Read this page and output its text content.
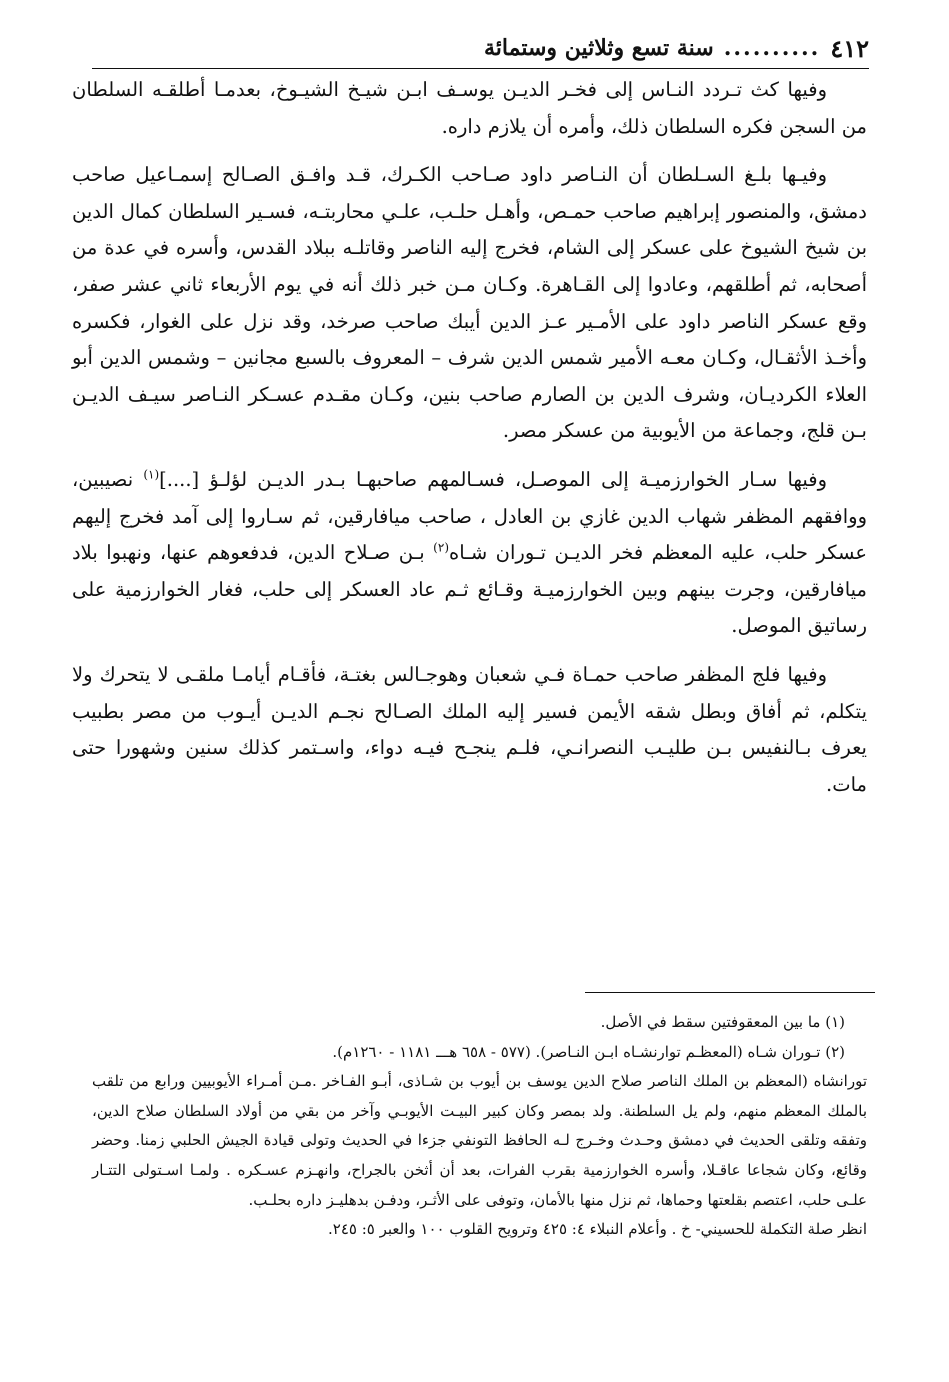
٤١٢
..........
سنة تسع وثلاثين وستمائة

وفيها كث تـردد النـاس إلى فخـر الديـن يوسـف ابـن شيـخ الشيـوخ، بعدمـا أطلقـه السلطان من السجن فكره السلطان ذلك، وأمره أن يلازم داره.

وفيـها بلـغ السـلطان أن النـاصر داود صـاحب الكـرك، قـد وافـق الصـالح إسمـاعيل صاحب دمشق، والمنصور إبراهيم صاحب حمـص، وأهـل حلـب، علـي محاربتـه، فسـير السلطان كمال الدين بن شيخ الشيوخ على عسكر إلى الشام، فخرج إليه الناصر وقاتلـه ببلاد القدس، وأسره في عدة من أصحابه، ثم أطلقهم، وعادوا إلى القـاهرة. وكـان مـن خبر ذلك أنه في يوم الأربعاء ثاني عشر صفر، وقع عسكر الناصر داود على الأمـير عـز الدين أيبك صاحب صرخد، وقد نزل على الغوار، فكسره وأخـذ الأثقـال، وكـان معـه الأمير شمس الدين شرف – المعروف بالسبع مجانين – وشمس الدين أبو العلاء الكرديـان، وشرف الدين بن الصارم صاحب بنين، وكـان مقـدم عسـكر النـاصر سيـف الديـن بـن قلج، وجماعة من الأيوبية من عسكر مصر.

وفيها سـار الخوارزميـة إلى الموصـل، فسـالمهم صاحبهـا بـدر الديـن لؤلـؤ [....]$^{(١)}$ نصيبين، ووافقهم المظفر شهاب الدين غازي بن العادل ، صاحب ميافارقين، ثم سـاروا إلى آمد فخرج إليهم عسكر حلب، عليه المعظم فخر الديـن تـوران شـاه$^{(٢)}$ بـن صـلاح الدين، فدفعوهم عنها، ونهبوا بلاد ميافارقين، وجرت بينهم وبين الخوارزميـة وقـائع ثـم عاد العسكر إلى حلب، فغار الخوارزمية على رساتيق الموصل.

وفيها فلج المظفر صاحب حمـاة فـي شعبان وهوجـالس بغتـة، فأقـام أيامـا ملقـى لا يتحرك ولا يتكلم، ثم أفاق وبطل شقه الأيمن فسير إليه الملك الصـالح نجـم الديـن أيـوب من مصر بطبيب يعرف بـالنفيس بـن طليـب النصرانـي، فلـم ينجـح فيـه دواء، واسـتمر كذلك سنين وشهورا حتى مات.

(١) ما بين المعقوفتين سقط في الأصل.

(٢) تـوران شـاه (المعظـم توارنشـاه ابـن النـاصر). (٥٧٧ - ٦٥٨ هـــ ١١٨١ - ١٢٦٠م).

تورانشاه (المعظم بن الملك الناصر صلاح الدين يوسف بن أيوب بن شـاذى، أبـو الفـاخر .مـن أمـراء الأيوبيين ورابع من تلقب بالملك المعظم منهم، ولم يل السلطنة. ولد بمصر وكان كبير البيـت الأيوبـي وآخر من بقي من أولاد السلطان صلاح الدين، وتفقه وتلقى الحديث في دمشق وحـدث وخـرج لـه الحافظ التونفي جزءا في الحديث وتولى قيادة الجيش الحلبي زمنا. وحضر وقائع، وكان شجاعا عاقـلا، وأسره الخوارزمية بقرب الفرات، بعد أن أثخن بالجراح، وانهـزم عسـكره . ولمـا اسـتولى التتـار علـى حلب، اعتصم بقلعتها وحماها، ثم نزل منها بالأمان، وتوفى على الأثـر، ودفـن بدهليـز داره بحلـب.

انظر صلة التكملة للحسيني- خ . وأعلام النبلاء ٤: ٤٢٥ وترويح القلوب ١٠٠ والعبر ٥: ٢٤٥.
